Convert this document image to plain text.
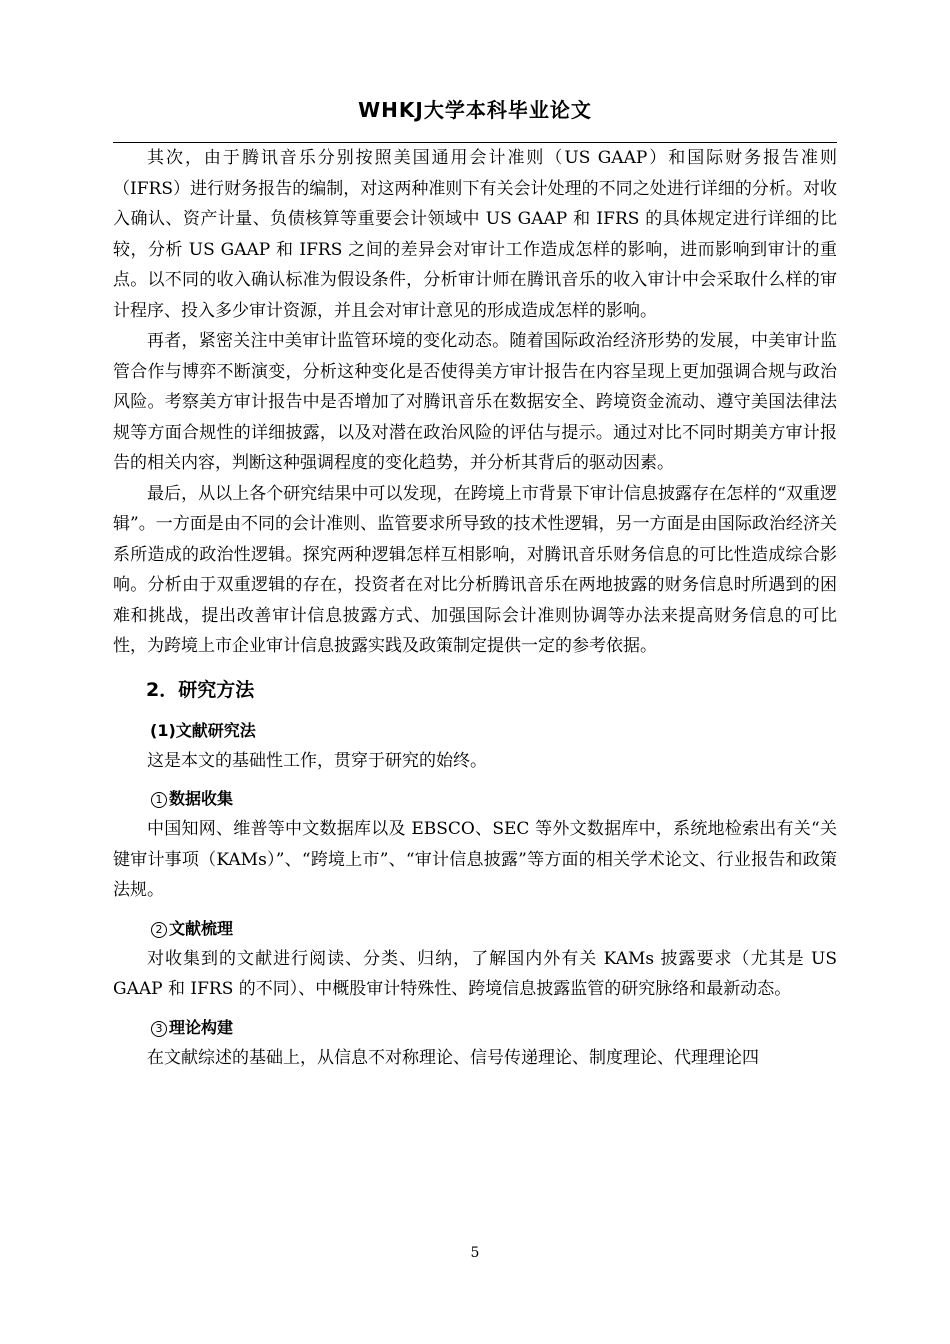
WHKJ大学本科毕业论文

其次，由于腾讯音乐分别按照美国通用会计准则（US GAAP）和国际财务报告准则（IFRS）进行财务报告的编制，对这两种准则下有关会计处理的不同之处进行详细的分析。对收入确认、资产计量、负债核算等重要会计领域中 US GAAP 和 IFRS 的具体规定进行详细的比较，分析 US GAAP 和 IFRS 之间的差异会对审计工作造成怎样的影响，进而影响到审计的重点。以不同的收入确认标准为假设条件，分析审计师在腾讯音乐的收入审计中会采取什么样的审计程序、投入多少审计资源，并且会对审计意见的形成造成怎样的影响。

再者，紧密关注中美审计监管环境的变化动态。随着国际政治经济形势的发展，中美审计监管合作与博弈不断演变，分析这种变化是否使得美方审计报告在内容呈现上更加强调合规与政治风险。考察美方审计报告中是否增加了对腾讯音乐在数据安全、跨境资金流动、遵守美国法律法规等方面合规性的详细披露，以及对潜在政治风险的评估与提示。通过对比不同时期美方审计报告的相关内容，判断这种强调程度的变化趋势，并分析其背后的驱动因素。

最后，从以上各个研究结果中可以发现，在跨境上市背景下审计信息披露存在怎样的“双重逻辑”。一方面是由不同的会计准则、监管要求所导致的技术性逻辑，另一方面是由国际政治经济关系所造成的政治性逻辑。探究两种逻辑怎样互相影响，对腾讯音乐财务信息的可比性造成综合影响。分析由于双重逻辑的存在，投资者在对比分析腾讯音乐在两地披露的财务信息时所遇到的困难和挑战，提出改善审计信息披露方式、加强国际会计准则协调等办法来提高财务信息的可比性，为跨境上市企业审计信息披露实践及政策制定提供一定的参考依据。

2．研究方法
(1)文献研究法

这是本文的基础性工作，贯穿于研究的始终。

1 数据收集

中国知网、维普等中文数据库以及 EBSCO、SEC 等外文数据库中，系统地检索出有关“关键审计事项（KAMs）”、“跨境上市”、“审计信息披露”等方面的相关学术论文、行业报告和政策法规。

2 文献梳理

对收集到的文献进行阅读、分类、归纳，了解国内外有关 KAMs 披露要求（尤其是 US GAAP 和 IFRS 的不同）、中概股审计特殊性、跨境信息披露监管的研究脉络和最新动态。

3 理论构建

在文献综述的基础上，从信息不对称理论、信号传递理论、制度理论、代理理论四

5
